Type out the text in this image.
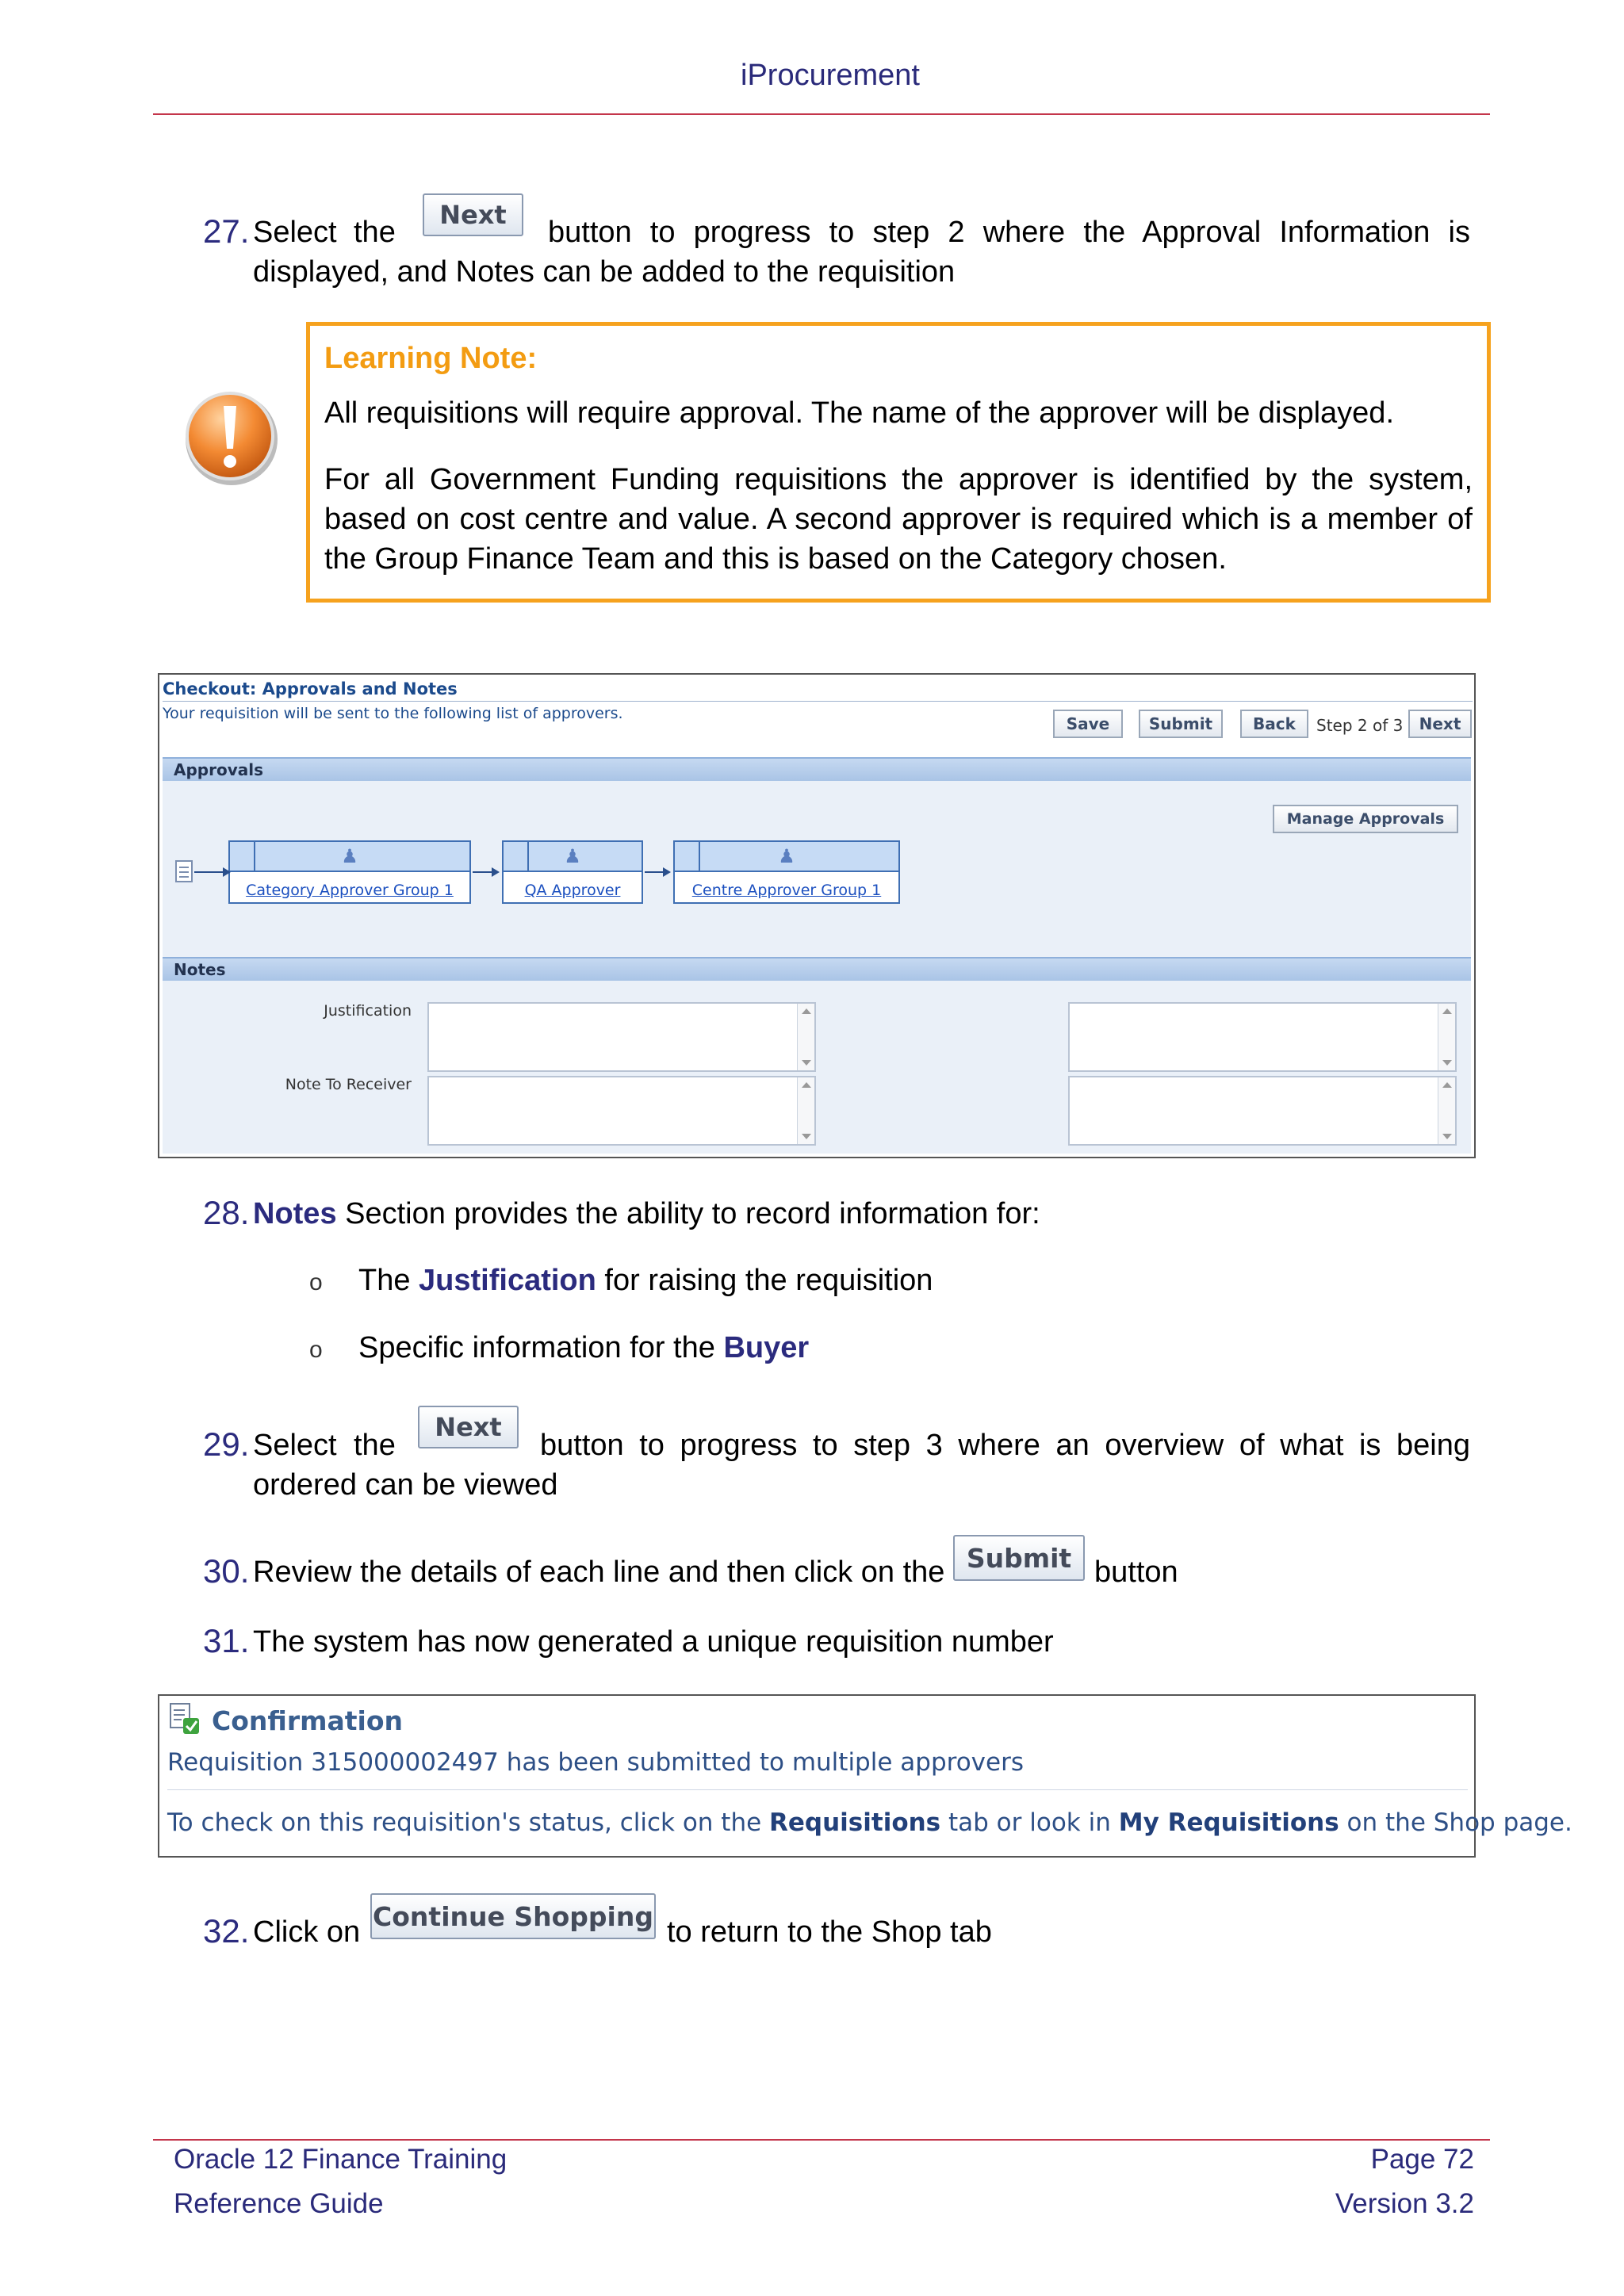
iProcurement
27. Select the
Next
button to progress to step 2 where the Approval Information is
displayed, and Notes can be added to the requisition
Learning Note:
All requisitions will require approval. The name of the approver will be displayed.
For all Government Funding requisitions the approver is identified by the system, based on cost centre and value. A second approver is required which is a member of the Group Finance Team and this is based on the Category chosen.
Checkout: Approvals and Notes
Your requisition will be sent to the following list of approvers.
Save Submit	Back Step 2 of 3 Next
Approvals
Manage Approvals
♟
Category Approver Group 1
♟
QA Approver
♟
Centre Approver Group 1
Notes
Justification
Note To Receiver
28. Notes Section provides the ability to record information for:
o The Justification for raising the requisition
o Specific information for the Buyer
29. Select the
Next
button to progress to step 3 where an overview of what is being
ordered can be viewed
30. Review the details of each line and then click on the Submit button
31. The system has now generated a unique requisition number
Confirmation
Requisition 315000002497 has been submitted to multiple approvers
To check on this requisition's status, click on the Requisitions tab or look in My Requisitions on the Shop page.
32. Click on Continue Shopping to return to the Shop tab
Oracle 12 Finance Training
Reference Guide
Page 72
Version 3.2
